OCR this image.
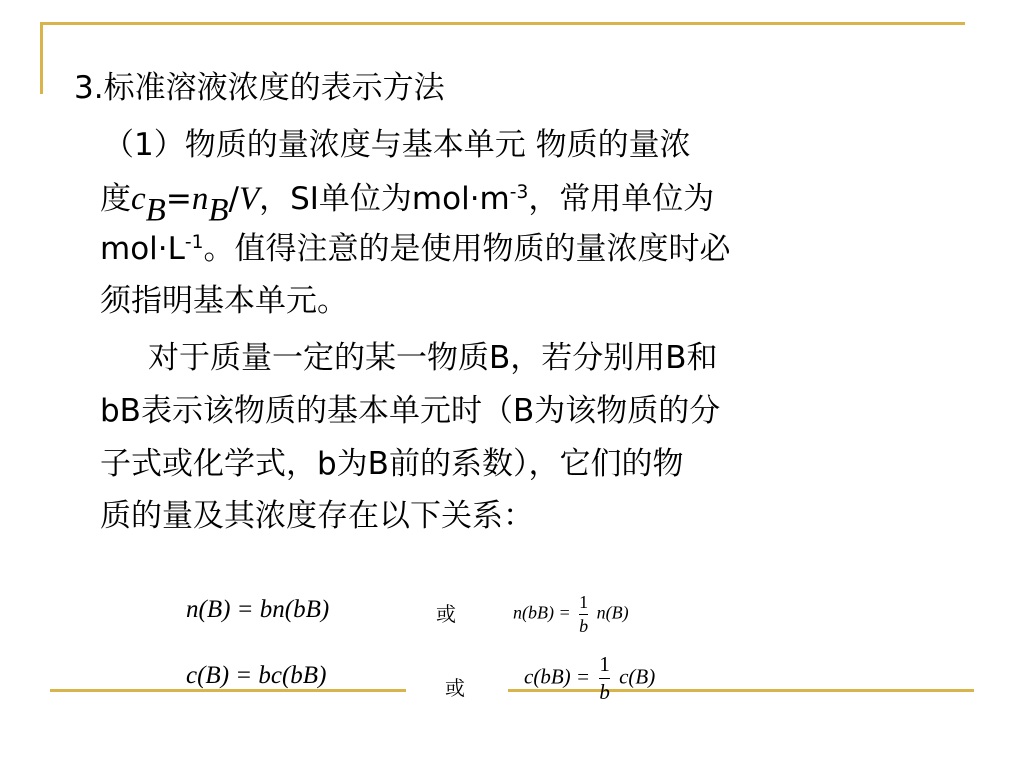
3.标准溶液浓度的表示方法
（1）物质的量浓度与基本单元 物质的量浓
度$c_B=n_B/V$，SI单位为$mol\cdot m^{-3}$，常用单位为
$mol\cdot L^{-1}$。值得注意的是使用物质的量浓度时必
须指明基本单元。
对于质量一定的某一物质B，若分别用B和
bB表示该物质的基本单元时（B为该物质的分
子式或化学式，b为B前的系数），它们的物
质的量及其浓度存在以下关系：
n(B) = bn(bB)
c(B) = bc(bB)
或
或
$n(bB) = \frac{1}{b} n(B)$
$c(bB) = \frac{1}{b} c(B)$
